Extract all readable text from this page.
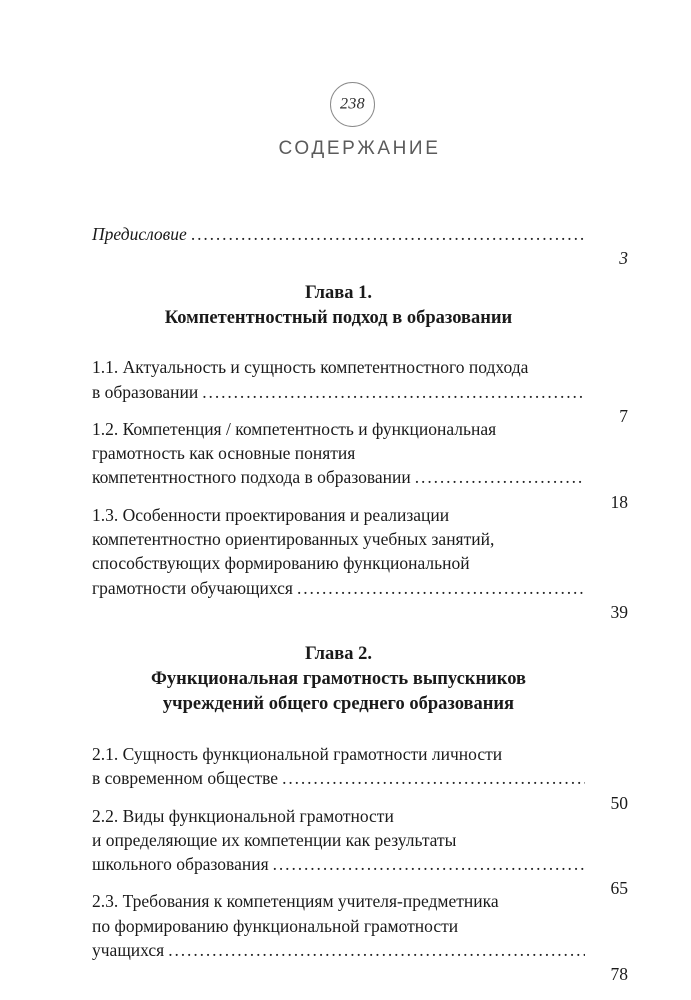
238
СОДЕРЖАНИЕ
Предисловие
.....
3
Глава 1.
Компетентностный подход в образовании
1.1. Актуальность и сущность компетентностного подхода
в образовании
.....
7
1.2. Компетенция / компетентность и функциональная
грамотность как основные понятия
компетентностного подхода в образовании
.....
18
1.3. Особенности проектирования и реализации
компетентностно ориентированных учебных занятий,
способствующих формированию функциональной
грамотности обучающихся
.....
39
Глава 2.
Функциональная грамотность выпускников
учреждений общего среднего образования
2.1. Сущность функциональной грамотности личности
в современном обществе
.....
50
2.2. Виды функциональной грамотности
и определяющие их компетенции как результаты
школьного образования
.....
65
2.3. Требования к компетенциям учителя-предметника
по формированию функциональной грамотности
учащихся
.....
78
